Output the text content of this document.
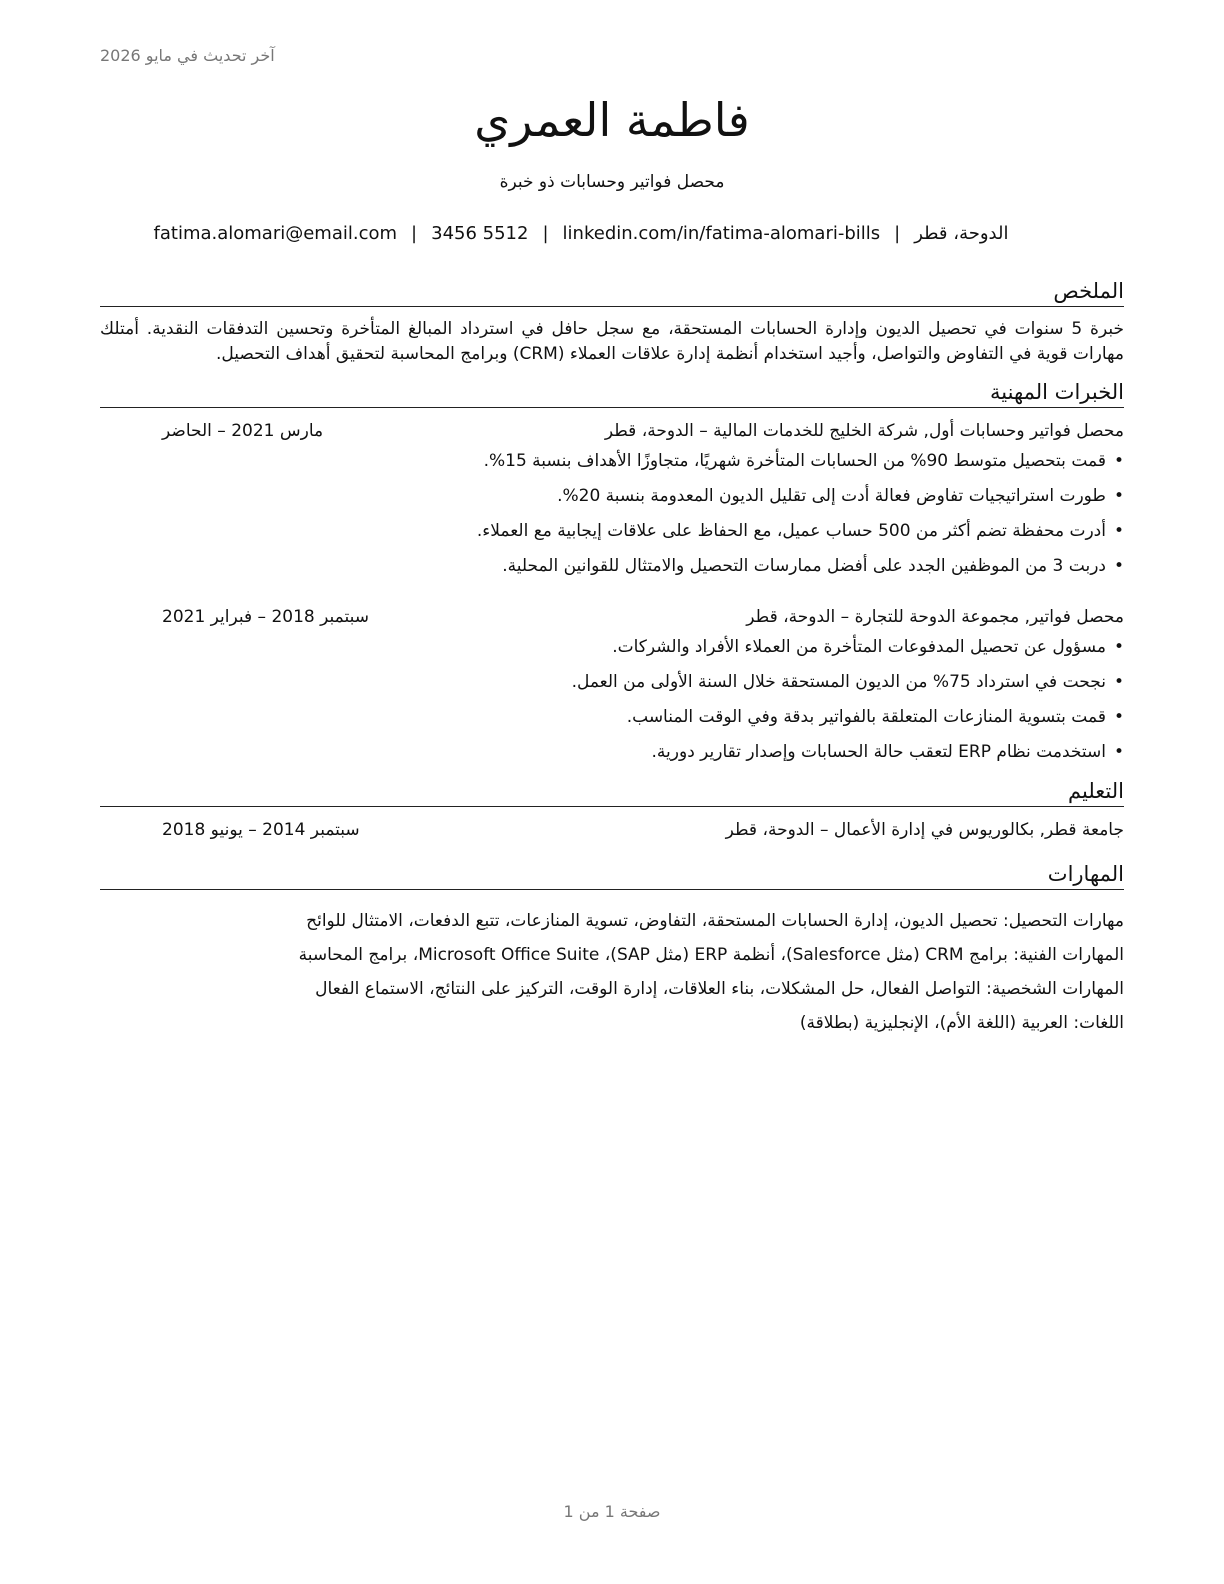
آخر تحديث في مايو 2026
فاطمة العمري
محصل فواتير وحسابات ذو خبرة
الدوحة، قطر|fatima.alomari@email.com | 3456 5512 | linkedin.com/in/fatima-alomari-bills
الملخص
خبرة 5 سنوات في تحصيل الديون وإدارة الحسابات المستحقة، مع سجل حافل في استرداد المبالغ المتأخرة وتحسين التدفقات النقدية. أمتلك مهارات قوية في التفاوض والتواصل، وأجيد استخدام أنظمة إدارة علاقات العملاء (CRM) وبرامج المحاسبة لتحقيق أهداف التحصيل.
الخبرات المهنية
محصل فواتير وحسابات أول, شركة الخليج للخدمات المالية – الدوحة، قطر
مارس 2021 – الحاضر
•قمت بتحصيل متوسط 90% من الحسابات المتأخرة شهريًا، متجاوزًا الأهداف بنسبة 15%.
•طورت استراتيجيات تفاوض فعالة أدت إلى تقليل الديون المعدومة بنسبة 20%.
•أدرت محفظة تضم أكثر من 500 حساب عميل، مع الحفاظ على علاقات إيجابية مع العملاء.
•دربت 3 من الموظفين الجدد على أفضل ممارسات التحصيل والامتثال للقوانين المحلية.
محصل فواتير, مجموعة الدوحة للتجارة – الدوحة، قطر
سبتمبر 2018 – فبراير 2021
•مسؤول عن تحصيل المدفوعات المتأخرة من العملاء الأفراد والشركات.
•نجحت في استرداد 75% من الديون المستحقة خلال السنة الأولى من العمل.
•قمت بتسوية المنازعات المتعلقة بالفواتير بدقة وفي الوقت المناسب.
•استخدمت نظام ERP لتعقب حالة الحسابات وإصدار تقارير دورية.
التعليم
جامعة قطر, بكالوريوس في إدارة الأعمال – الدوحة، قطر
سبتمبر 2014 – يونيو 2018
المهارات
مهارات التحصيل: تحصيل الديون، إدارة الحسابات المستحقة، التفاوض، تسوية المنازعات، تتبع الدفعات، الامتثال للوائح
المهارات الفنية: برامج CRM (مثل Salesforce)، أنظمة ERP (مثل SAP)، Microsoft Office Suite، برامج المحاسبة
المهارات الشخصية: التواصل الفعال، حل المشكلات، بناء العلاقات، إدارة الوقت، التركيز على النتائج، الاستماع الفعال
اللغات: العربية (اللغة الأم)، الإنجليزية (بطلاقة)
صفحة 1 من 1
